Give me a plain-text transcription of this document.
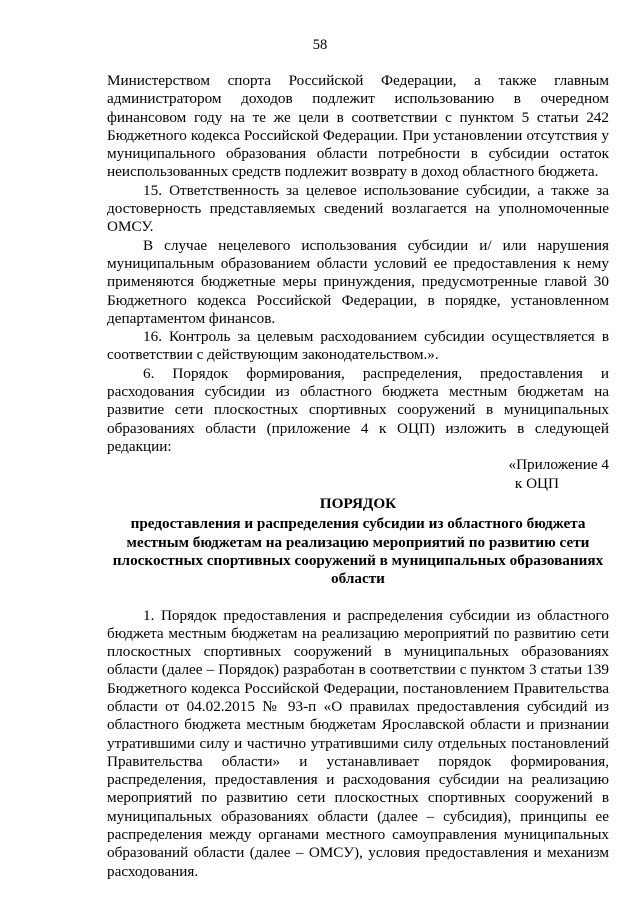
58

Министерством спорта Российской Федерации, а также главным администратором доходов подлежит использованию в очередном финансовом году на те же цели в соответствии с пунктом 5 статьи 242 Бюджетного кодекса Российской Федерации. При установлении отсутствия у муниципального образования области потребности в субсидии остаток неиспользованных средств подлежит возврату в доход областного бюджета.

15. Ответственность за целевое использование субсидии, а также за достоверность представляемых сведений возлагается на уполномоченные ОМСУ.

В случае нецелевого использования субсидии и/ или нарушения муниципальным образованием области условий ее предоставления к нему применяются бюджетные меры принуждения, предусмотренные главой 30 Бюджетного кодекса Российской Федерации, в порядке, установленном департаментом финансов.

16. Контроль за целевым расходованием субсидии осуществляется в соответствии с действующим законодательством.».

6. Порядок формирования, распределения, предоставления и расходования субсидии из областного бюджета местным бюджетам на развитие сети плоскостных спортивных сооружений в муниципальных образованиях области (приложение 4 к ОЦП) изложить в следующей редакции:

«Приложение 4

к ОЦП

ПОРЯДОК

предоставления и распределения субсидии из областного бюджета местным бюджетам на реализацию мероприятий по развитию сети плоскостных спортивных сооружений в муниципальных образованиях области

1. Порядок предоставления и распределения субсидии из областного бюджета местным бюджетам на реализацию мероприятий по развитию сети плоскостных спортивных сооружений в муниципальных образованиях области (далее – Порядок) разработан в соответствии с пунктом 3 статьи 139 Бюджетного кодекса Российской Федерации, постановлением Правительства области от 04.02.2015 № 93-п «О правилах предоставления субсидий из областного бюджета местным бюджетам Ярославской области и признании утратившими силу и частично утратившими силу отдельных постановлений Правительства области» и устанавливает порядок формирования, распределения, предоставления и расходования субсидии на реализацию мероприятий по развитию сети плоскостных спортивных сооружений в муниципальных образованиях области (далее – субсидия), принципы ее распределения между органами местного самоуправления муниципальных образований области (далее – ОМСУ), условия предоставления и механизм расходования.
